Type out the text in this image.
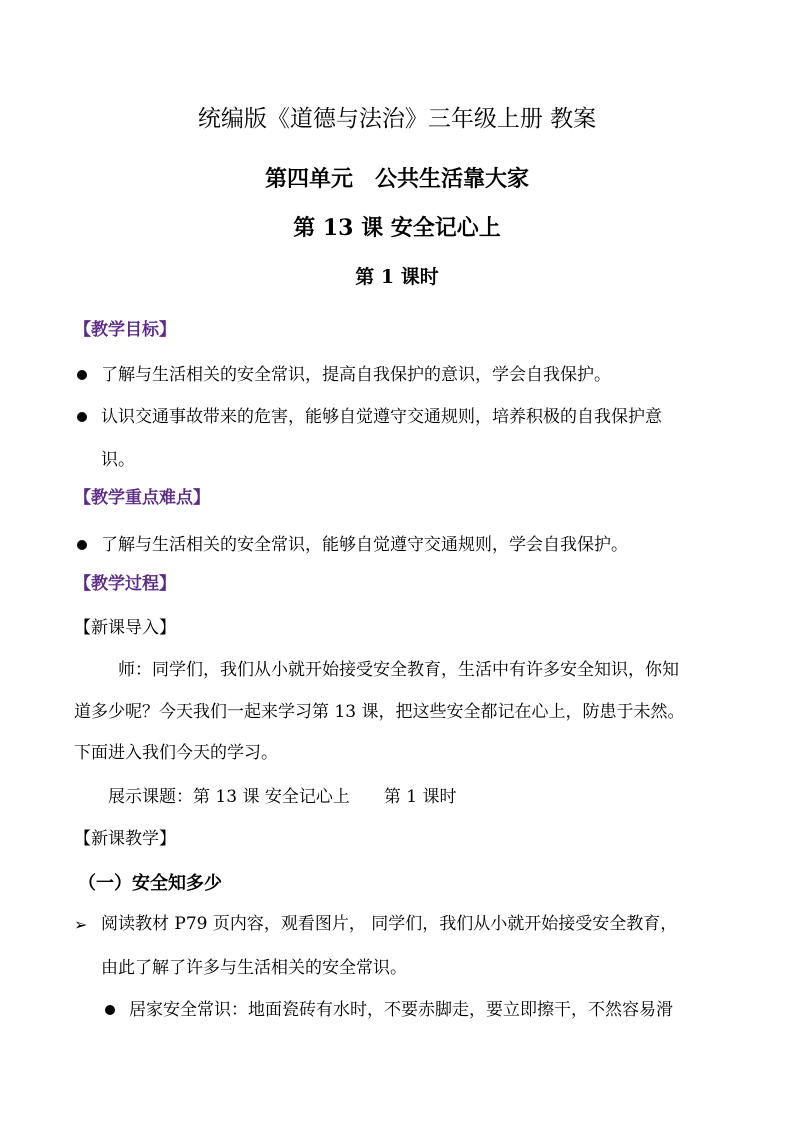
统编版《道德与法治》三年级上册 教案
第四单元　公共生活靠大家
第 13 课 安全记心上
第 1 课时
【教学目标】
了解与生活相关的安全常识，提高自我保护的意识，学会自我保护。
认识交通事故带来的危害，能够自觉遵守交通规则，培养积极的自我保护意
识。
【教学重点难点】
了解与生活相关的安全常识，能够自觉遵守交通规则，学会自我保护。
【教学过程】
【新课导入】
师：同学们，我们从小就开始接受安全教育，生活中有许多安全知识，你知
道多少呢？今天我们一起来学习第 13 课，把这些安全都记在心上，防患于未然。
下面进入我们今天的学习。
展示课题：第 13 课 安全记心上　　第 1 课时
【新课教学】
（一）安全知多少
➢ 阅读教材 P79 页内容，观看图片， 同学们，我们从小就开始接受安全教育，
由此了解了许多与生活相关的安全常识。
居家安全常识：地面瓷砖有水时，不要赤脚走，要立即擦干，不然容易滑
